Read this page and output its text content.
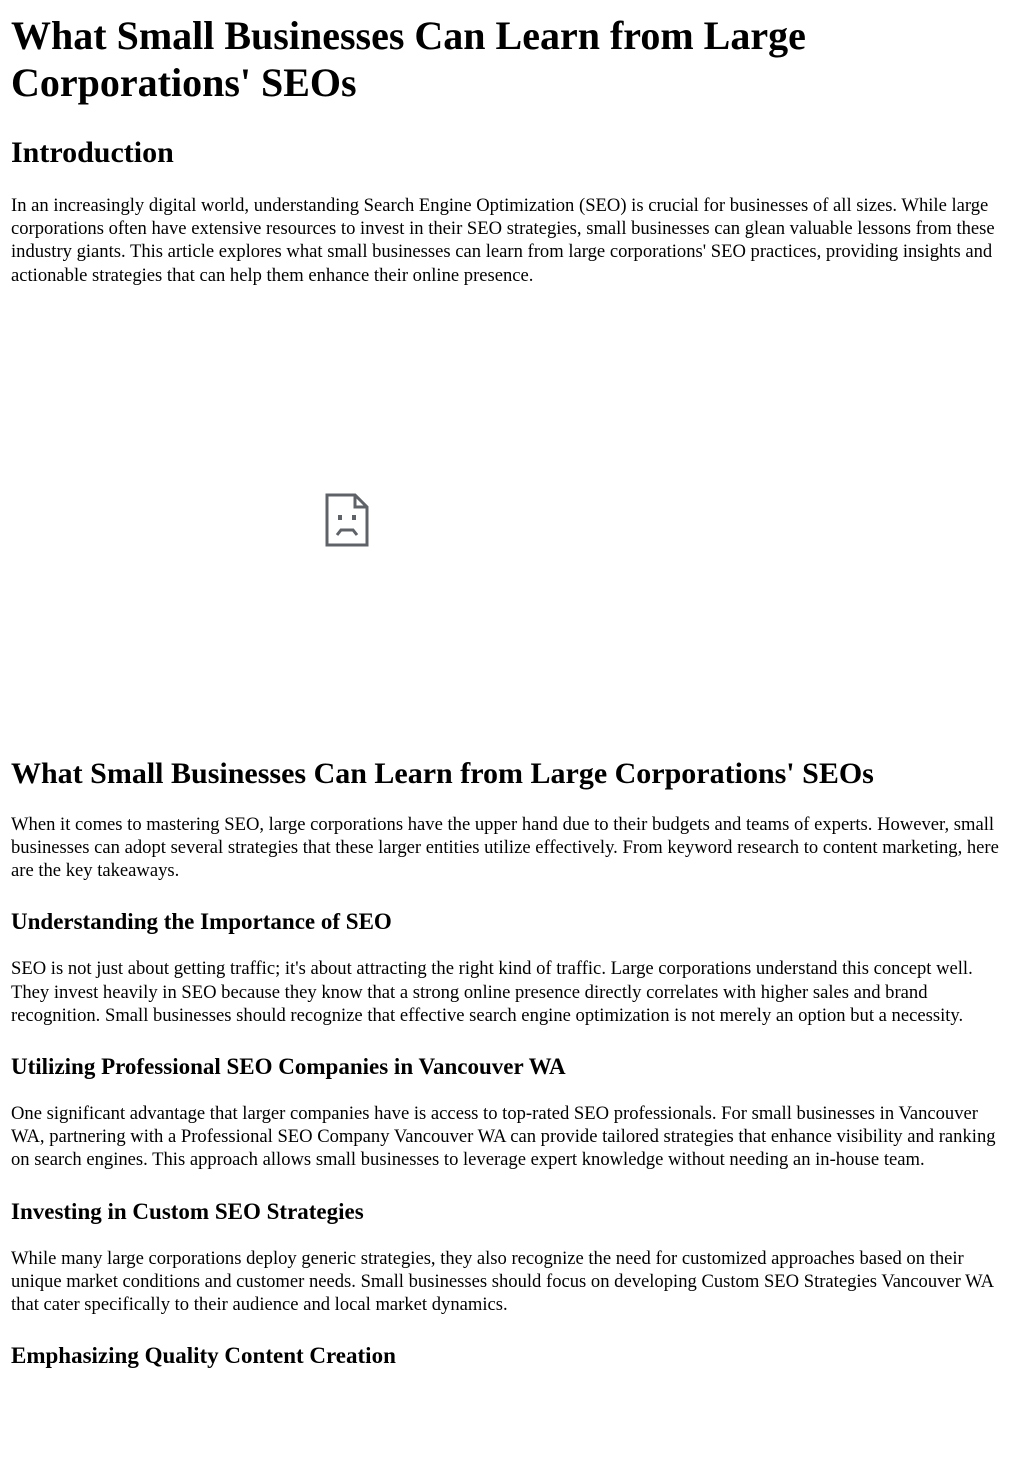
What Small Businesses Can Learn from Large Corporations' SEOs
Introduction

In an increasingly digital world, understanding Search Engine Optimization (SEO) is crucial for businesses of all sizes. While large corporations often have extensive resources to invest in their SEO strategies, small businesses can glean valuable lessons from these industry giants. This article explores what small businesses can learn from large corporations' SEO practices, providing insights and actionable strategies that can help them enhance their online presence.

What Small Businesses Can Learn from Large Corporations' SEOs

When it comes to mastering SEO, large corporations have the upper hand due to their budgets and teams of experts. However, small businesses can adopt several strategies that these larger entities utilize effectively. From keyword research to content marketing, here are the key takeaways.

Understanding the Importance of SEO

SEO is not just about getting traffic; it's about attracting the right kind of traffic. Large corporations understand this concept well. They invest heavily in SEO because they know that a strong online presence directly correlates with higher sales and brand recognition. Small businesses should recognize that effective search engine optimization is not merely an option but a necessity.

Utilizing Professional SEO Companies in Vancouver WA

One significant advantage that larger companies have is access to top-rated SEO professionals. For small businesses in Vancouver WA, partnering with a Professional SEO Company Vancouver WA can provide tailored strategies that enhance visibility and ranking on search engines. This approach allows small businesses to leverage expert knowledge without needing an in-house team.

Investing in Custom SEO Strategies

While many large corporations deploy generic strategies, they also recognize the need for customized approaches based on their unique market conditions and customer needs. Small businesses should focus on developing Custom SEO Strategies Vancouver WA that cater specifically to their audience and local market dynamics.

Emphasizing Quality Content Creation
